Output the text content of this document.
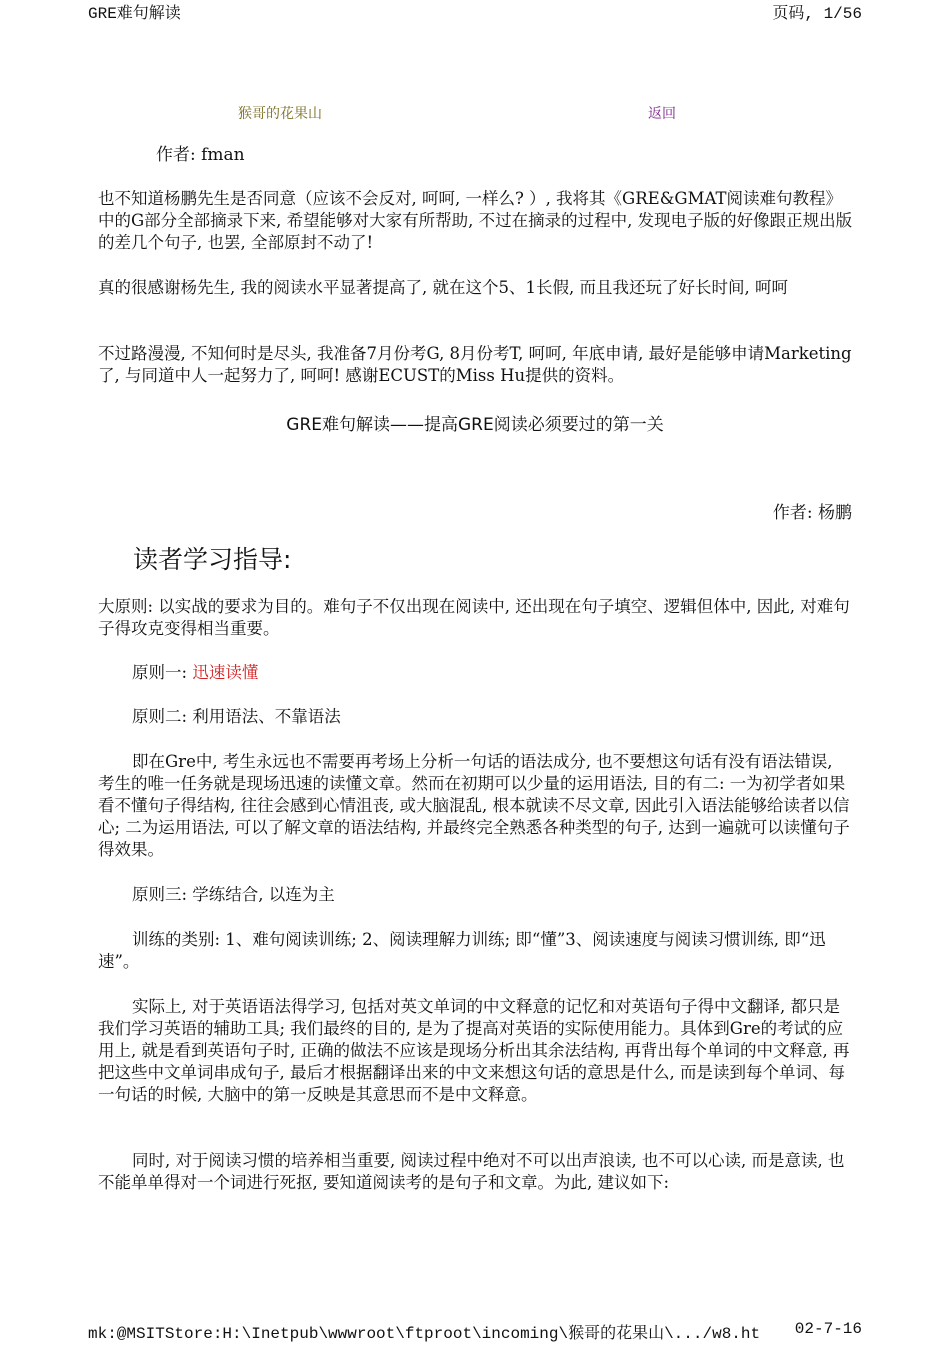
GRE难句解读	页码, 1/56
猴哥的花果山	返回
作者: fman
也不知道杨鹏先生是否同意（应该不会反对, 呵呵, 一样么? ）, 我将其《GRE&GMAT阅读难句教程》中的G部分全部摘录下来, 希望能够对大家有所帮助, 不过在摘录的过程中, 发现电子版的好像跟正规出版的差几个句子, 也罢, 全部原封不动了!
真的很感谢杨先生, 我的阅读水平显著提高了, 就在这个5、1长假, 而且我还玩了好长时间, 呵呵
不过路漫漫, 不知何时是尽头, 我准备7月份考G, 8月份考T, 呵呵, 年底申请, 最好是能够申请Marketing了, 与同道中人一起努力了, 呵呵! 感谢ECUST的Miss Hu提供的资料。
GRE难句解读——提高GRE阅读必须要过的第一关
作者: 杨鹏
读者学习指导:
大原则: 以实战的要求为目的。难句子不仅出现在阅读中, 还出现在句子填空、逻辑但体中, 因此, 对难句子得攻克变得相当重要。
原则一: 迅速读懂
原则二: 利用语法、不靠语法
即在Gre中, 考生永远也不需要再考场上分析一句话的语法成分, 也不要想这句话有没有语法错误, 考生的唯一任务就是现场迅速的读懂文章。然而在初期可以少量的运用语法, 目的有二: 一为初学者如果看不懂句子得结构, 往往会感到心情沮丧, 或大脑混乱, 根本就读不尽文章, 因此引入语法能够给读者以信心; 二为运用语法, 可以了解文章的语法结构, 并最终完全熟悉各种类型的句子, 达到一遍就可以读懂句子得效果。
原则三: 学练结合, 以连为主
训练的类别: 1、难句阅读训练; 2、阅读理解力训练; 即“懂”3、阅读速度与阅读习惯训练, 即“迅速”。
实际上, 对于英语语法得学习, 包括对英文单词的中文释意的记忆和对英语句子得中文翻译, 都只是我们学习英语的辅助工具; 我们最终的目的, 是为了提高对英语的实际使用能力。具体到Gre的考试的应用上, 就是看到英语句子时, 正确的做法不应该是现场分析出其余法结构, 再背出每个单词的中文释意, 再把这些中文单词串成句子, 最后才根据翻译出来的中文来想这句话的意思是什么, 而是读到每个单词、每一句话的时候, 大脑中的第一反映是其意思而不是中文释意。
同时, 对于阅读习惯的培养相当重要, 阅读过程中绝对不可以出声浪读, 也不可以心读, 而是意读, 也不能单单得对一个词进行死抠, 要知道阅读考的是句子和文章。为此, 建议如下:
mk:@MSITStore:H:\Inetpub\wwwroot\ftproot\incoming\猴哥的花果山\.../w8.ht 02-7-16
